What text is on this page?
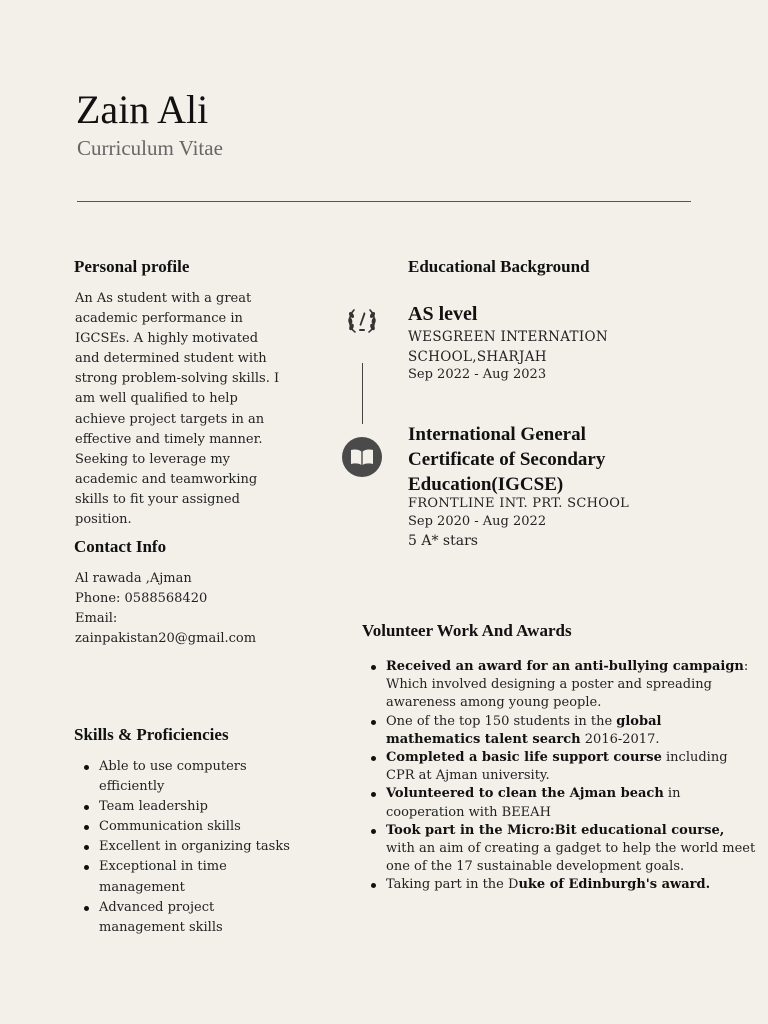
Zain Ali
Curriculum Vitae
Personal profile
An As student with a great academic performance in IGCSEs. A highly motivated and determined student with strong problem-solving skills. I am well qualified to help achieve project targets in an effective and timely manner. Seeking to leverage my academic and teamworking skills to fit your assigned position.
Contact Info
Al rawada ,Ajman
Phone: 0588568420
Email:
zainpakistan20@gmail.com
Skills & Proficiencies
Able to use computers efficiently
Team leadership
Communication skills
Excellent in organizing tasks
Exceptional in time management
Advanced project management skills
Educational Background
AS level
WESGREEN INTERNATION SCHOOL,SHARJAH
Sep 2022 - Aug 2023
International General Certificate of Secondary Education(IGCSE)
FRONTLINE INT. PRT. SCHOOL
Sep 2020 - Aug 2022
5 A* stars
Volunteer Work And Awards
Received an award for an anti-bullying campaign: Which involved designing a poster and spreading awareness among young people.
One of the top 150 students in the global mathematics talent search 2016-2017.
Completed a basic life support course including CPR at Ajman university.
Volunteered to clean the Ajman beach in cooperation with BEEAH
Took part in the Micro:Bit educational course, with an aim of creating a gadget to help the world meet one of the 17 sustainable development goals.
Taking part in the Duke of Edinburgh's award.
